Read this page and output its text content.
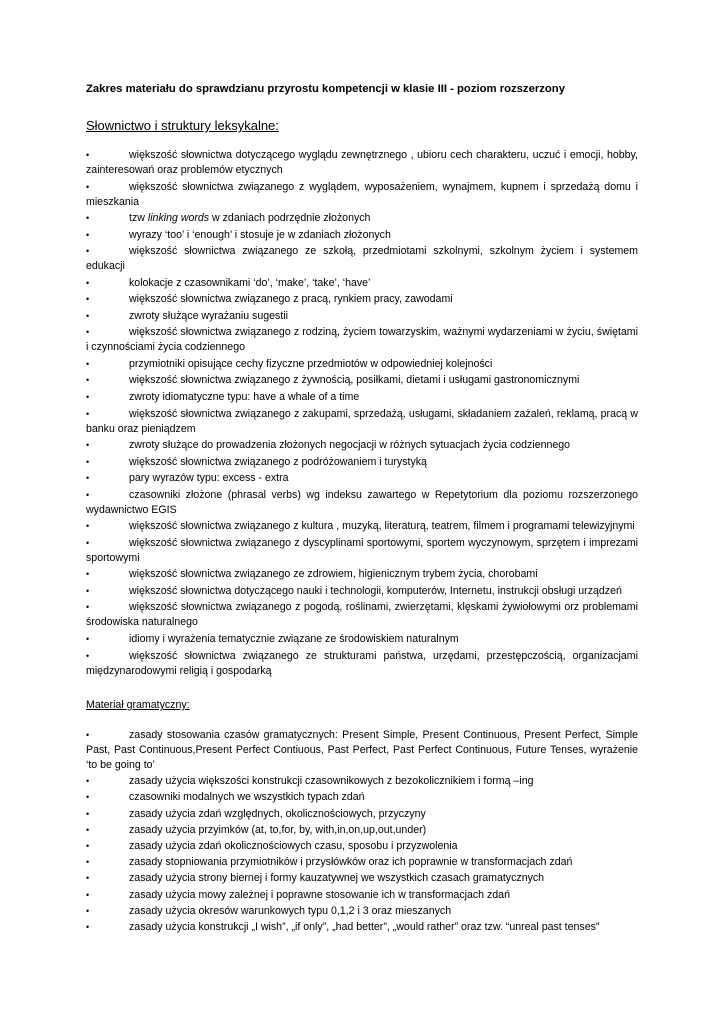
Zakres materiału do sprawdzianu przyrostu kompetencji w klasie III - poziom rozszerzony
Słownictwo i struktury leksykalne:
•	większość słownictwa dotyczącego wyglądu zewnętrznego , ubioru cech charakteru, uczuć i emocji, hobby, zainteresowań oraz problemów etycznych
•	większość słownictwa związanego z wyglądem, wyposażeniem, wynajmem, kupnem i sprzedażą domu i mieszkania
•	tzw linking words w zdaniach podrzędnie złożonych
•	wyrazy ‘too’ i ‘enough’ i stosuje je w zdaniach złożonych
•	większość słownictwa związanego ze szkołą, przedmiotami szkolnymi, szkolnym życiem i systemem edukacji
•	kolokacje z czasownikami ‘do’, ‘make’, ‘take’, ‘have’
•	większość słownictwa związanego z pracą, rynkiem pracy, zawodami
•	zwroty służące wyrażaniu sugestii
•	większość słownictwa związanego z rodziną, życiem towarzyskim, ważnymi wydarzeniami w życiu, świętami i czynnościami życia codziennego
•	przymiotniki opisujące cechy fizyczne przedmiotów w odpowiedniej kolejności
•	większość słownictwa związanego z żywnością, posiłkami, dietami i usługami gastronomicznymi
•	zwroty idiomatyczne typu: have a whale of a time
•	większość słownictwa związanego z zakupami, sprzedażą, usługami, składaniem zażaleń, reklamą, pracą w banku oraz pieniądzem
•	zwroty służące do prowadzenia złożonych negocjacji w różnych sytuacjach życia codziennego
•	większość słownictwa związanego z podróżowaniem i turystyką
•	pary wyrazów typu: excess - extra
•	czasowniki złożone (phrasal verbs) wg indeksu zawartego w Repetytorium dla poziomu rozszerzonego wydawnictwo EGIS
•	większość słownictwa związanego z kultura , muzyką, literaturą, teatrem, filmem i programami telewizyjnymi
•	większość słownictwa związanego z dyscyplinami sportowymi, sportem wyczynowym, sprzętem i imprezami sportowymi
•	większość słownictwa związanego ze zdrowiem, higienicznym trybem życia, chorobami
•	większość słownictwa dotyczącego nauki i technologii, komputerów, Internetu, instrukcji obsługi urządzeń
•	większość słownictwa związanego z pogodą, roślinami, zwierzętami, klęskami żywiołowymi orz problemami środowiska naturalnego
•	idiomy i wyrażenia tematycznie związane ze środowiskiem naturalnym
•	większość słownictwa związanego ze strukturami państwa, urzędami, przestępczością, organizacjami międzynarodowymi religią i gospodarką
Materiał gramatyczny:
•	zasady stosowania czasów gramatycznych: Present Simple, Present Continuous, Present Perfect, Simple Past, Past Continuous,Present Perfect Contiuous, Past Perfect, Past Perfect Continuous, Future Tenses, wyrażenie ‘to be going to’
•	zasady użycia większości konstrukcji czasownikowych z bezokolicznikiem i formą –ing
•	czasowniki modalnych we wszystkich typach zdań
•	zasady użycia zdań względnych, okolicznościowych, przyczyny
•	zasady użycia przyimków (at, to,for, by, with,in,on,up,out,under)
•	zasady użycia zdań okolicznościowych czasu, sposobu i przyzwolenia
•	zasady stopniowania przymiotników i przysłówków oraz ich poprawnie w transformacjach zdań
•	zasady użycia strony biernej i formy kauzatywnej we wszystkich czasach gramatycznych
•	zasady użycia mowy zależnej i poprawne stosowanie ich w transformacjach zdań
•	zasady użycia okresów warunkowych typu 0,1,2 i 3 oraz mieszanych
•	zasady użycia konstrukcji „I wish”, „if only”, „had better”, „would rather” oraz tzw. “unreal past tenses”
